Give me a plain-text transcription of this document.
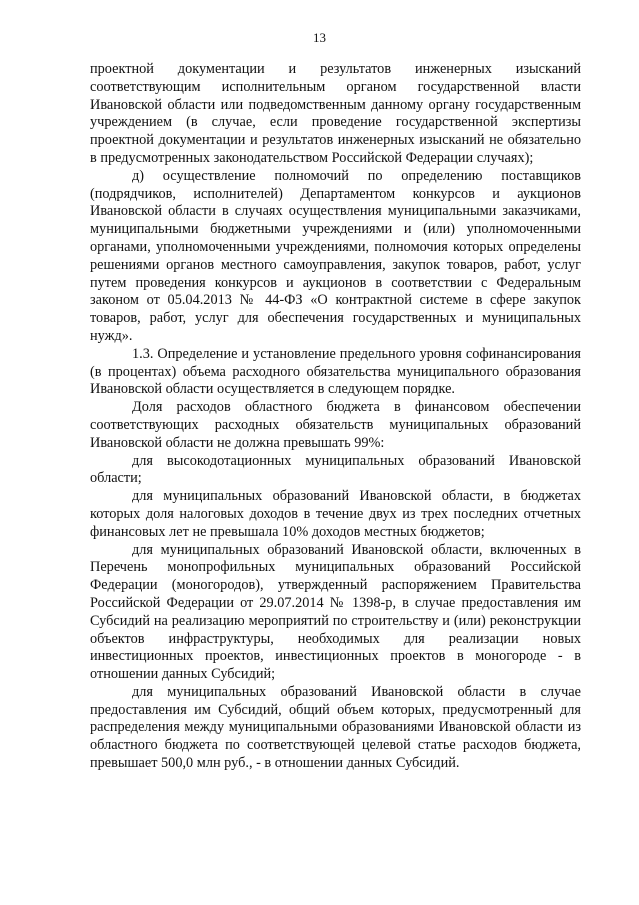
13

проектной документации и результатов инженерных изысканий соответствующим исполнительным органом государственной власти Ивановской области или подведомственным данному органу государственным учреждением (в случае, если проведение государственной экспертизы проектной документации и результатов инженерных изысканий не обязательно в предусмотренных законодательством Российской Федерации случаях);

д) осуществление полномочий по определению поставщиков (подрядчиков, исполнителей) Департаментом конкурсов и аукционов Ивановской области в случаях осуществления муниципальными заказчиками, муниципальными бюджетными учреждениями и (или) уполномоченными органами, уполномоченными учреждениями, полномочия которых определены решениями органов местного самоуправления, закупок товаров, работ, услуг путем проведения конкурсов и аукционов в соответствии с Федеральным законом от 05.04.2013 № 44-ФЗ «О контрактной системе в сфере закупок товаров, работ, услуг для обеспечения государственных и муниципальных нужд».

1.3. Определение и установление предельного уровня софинансирования (в процентах) объема расходного обязательства муниципального образования Ивановской области осуществляется в следующем порядке.

Доля расходов областного бюджета в финансовом обеспечении соответствующих расходных обязательств муниципальных образований Ивановской области не должна превышать 99%:

для высокодотационных муниципальных образований Ивановской области;

для муниципальных образований Ивановской области, в бюджетах которых доля налоговых доходов в течение двух из трех последних отчетных финансовых лет не превышала 10% доходов местных бюджетов;

для муниципальных образований Ивановской области, включенных в Перечень монопрофильных муниципальных образований Российской Федерации (моногородов), утвержденный распоряжением Правительства Российской Федерации от 29.07.2014 № 1398-р, в случае предоставления им Субсидий на реализацию мероприятий по строительству и (или) реконструкции объектов инфраструктуры, необходимых для реализации новых инвестиционных проектов, инвестиционных проектов в моногороде - в отношении данных Субсидий;

для муниципальных образований Ивановской области в случае предоставления им Субсидий, общий объем которых, предусмотренный для распределения между муниципальными образованиями Ивановской области из областного бюджета по соответствующей целевой статье расходов бюджета, превышает 500,0 млн руб., - в отношении данных Субсидий.
